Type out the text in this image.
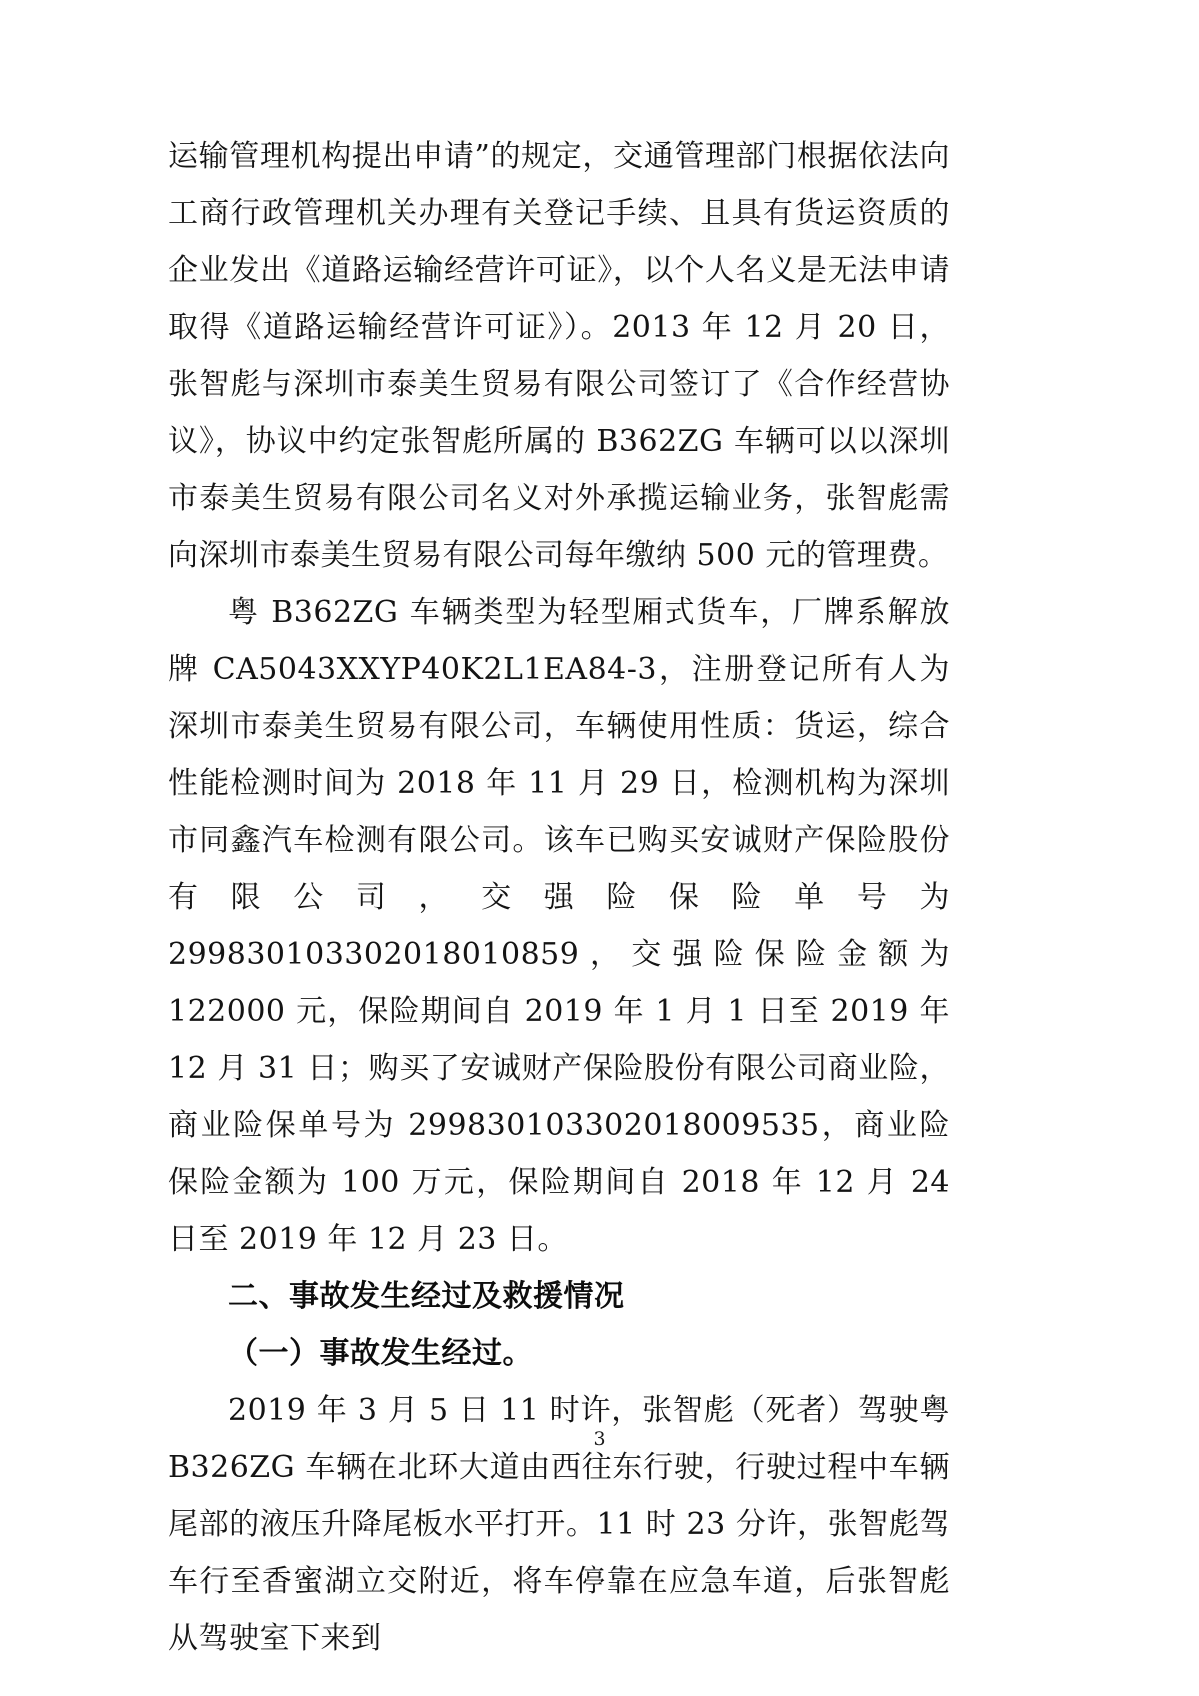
运输管理机构提出申请”的规定，交通管理部门根据依法向工商行政管理机关办理有关登记手续、且具有货运资质的企业发出《道路运输经营许可证》，以个人名义是无法申请取得《道路运输经营许可证》）。2013 年 12 月 20 日，张智彪与深圳市泰美生贸易有限公司签订了《合作经营协议》，协议中约定张智彪所属的 B362ZG 车辆可以以深圳市泰美生贸易有限公司名义对外承揽运输业务，张智彪需向深圳市泰美生贸易有限公司每年缴纳 500 元的管理费。

粤 B362ZG 车辆类型为轻型厢式货车，厂牌系解放牌 CA5043XXYP40K2L1EA84-3，注册登记所有人为深圳市泰美生贸易有限公司，车辆使用性质：货运，综合性能检测时间为 2018 年 11 月 29 日，检测机构为深圳市同鑫汽车检测有限公司。该车已购买安诚财产保险股份有限公司，交强险保险单号为 299830103302018010859，交强险保险金额为 122000 元，保险期间自 2019 年 1 月 1 日至 2019 年 12 月 31 日；购买了安诚财产保险股份有限公司商业险，商业险保单号为 299830103302018009535，商业险保险金额为 100 万元，保险期间自 2018 年 12 月 24 日至 2019 年 12 月 23 日。

二、事故发生经过及救援情况

（一）事故发生经过。

2019 年 3 月 5 日 11 时许，张智彪（死者）驾驶粤 B326ZG 车辆在北环大道由西往东行驶，行驶过程中车辆尾部的液压升降尾板水平打开。11 时 23 分许，张智彪驾车行至香蜜湖立交附近，将车停靠在应急车道，后张智彪从驾驶室下来到

3
